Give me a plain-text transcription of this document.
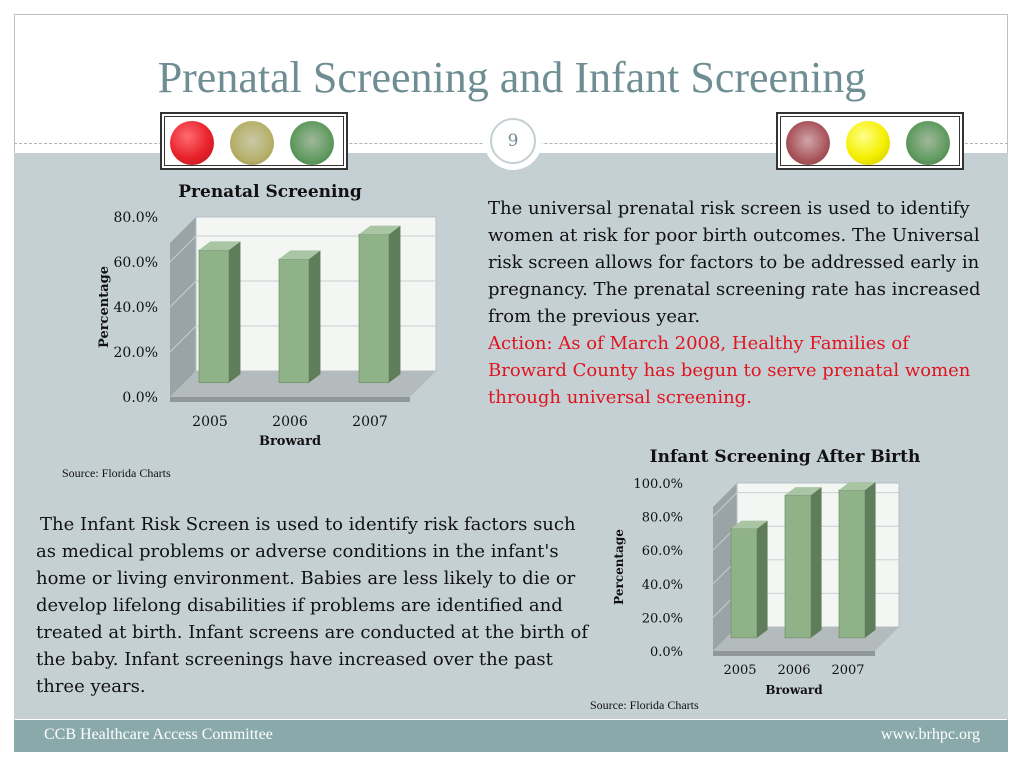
Prenatal Screening and Infant Screening
9
Prenatal Screening
0.0%
20.0%
40.0%
60.0%
80.0%
2005	2006	2007
Broward
Percentage
Source: Florida Charts
The universal prenatal risk screen is used to identify women at risk for poor birth outcomes. The Universal risk screen allows for factors to be addressed early in pregnancy. The prenatal screening rate has increased from the previous year.
Action: As of March 2008, Healthy Families of Broward County has begun to serve prenatal women through universal screening.
Infant Screening After Birth
0.0%
20.0%
40.0%
60.0%
80.0%
100.0%
2005 2006 2007
Broward
Percentage
Source: Florida Charts
The Infant Risk Screen is used to identify risk factors such as medical problems or adverse conditions in the infant's home or living environment. Babies are less likely to die or develop lifelong disabilities if problems are identified and treated at birth. Infant screens are conducted at the birth of the baby. Infant screenings have increased over the past three years.
CCB Healthcare Access Committee	www.brhpc.org
